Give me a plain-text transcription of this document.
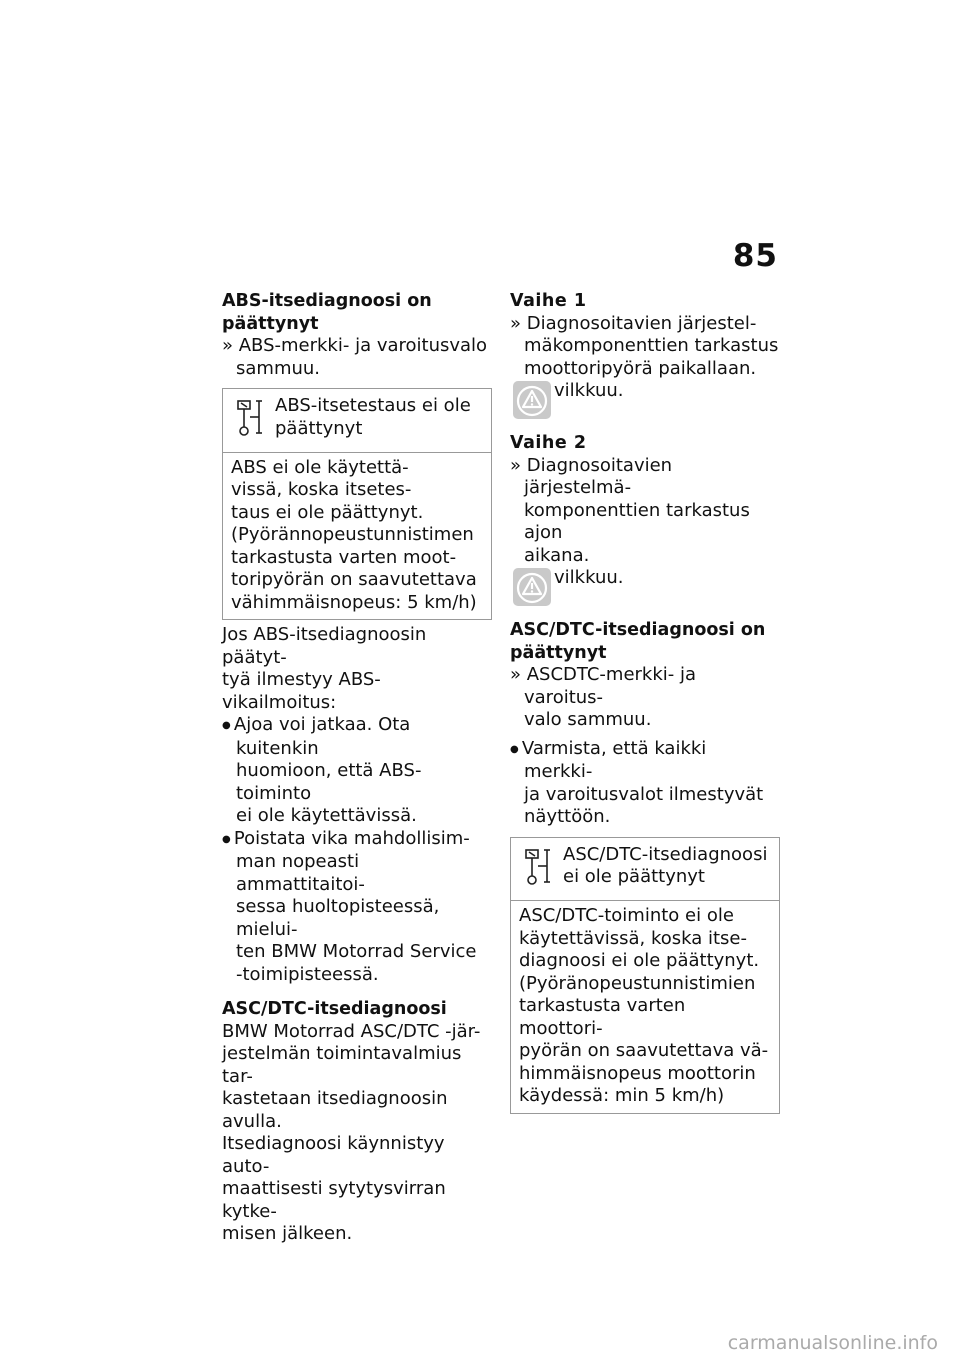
85

ABS-itsediagnoosi on
päättynyt

» ABS-merkki- ja varoitusvalo
sammuu.

ABS-itsetestaus ei ole
päättynyt
ABS ei ole käytettä-
vissä, koska itsetes-
taus ei ole päättynyt.
(Pyörännopeustunnistimen
tarkastusta varten moot-
toripyörän on saavutettava
vähimmäisnopeus: 5 km/h)

Jos ABS-itsediagnoosin päätyt-
tyä ilmestyy ABS-vikailmoitus:

● Ajoa voi jatkaa. Ota kuitenkin
huomioon, että ABS-toiminto
ei ole käytettävissä.

● Poistata vika mahdollisim-
man nopeasti ammattitaitoi-
sessa huoltopisteessä, mielui-
ten BMW Motorrad Service
-toimipisteessä.

ASC/DTC-itsediagnoosi

BMW Motorrad ASC/DTC -jär-
jestelmän toimintavalmius tar-
kastetaan itsediagnoosin avulla.
Itsediagnoosi käynnistyy auto-
maattisesti sytytysvirran kytke-
misen jälkeen.

Vaihe 1

» Diagnosoitavien järjestel-
mäkomponenttien tarkastus
moottoripyörä paikallaan.

vilkkuu.

Vaihe 2

» Diagnosoitavien järjestelmä-
komponenttien tarkastus ajon
aikana.

vilkkuu.

ASC/DTC-itsediagnoosi on
päättynyt

» ASCDTC-merkki- ja varoitus-
valo sammuu.

● Varmista, että kaikki merkki-
ja varoitusvalot ilmestyvät
näyttöön.

ASC/DTC-itsediagnoosi
ei ole päättynyt
ASC/DTC-toiminto ei ole
käytettävissä, koska itse-
diagnoosi ei ole päättynyt.
(Pyöränopeustunnistimien
tarkastusta varten moottori-
pyörän on saavutettava vä-
himmäisnopeus moottorin
käydessä: min 5 km/h)
carmanualsonline.info
